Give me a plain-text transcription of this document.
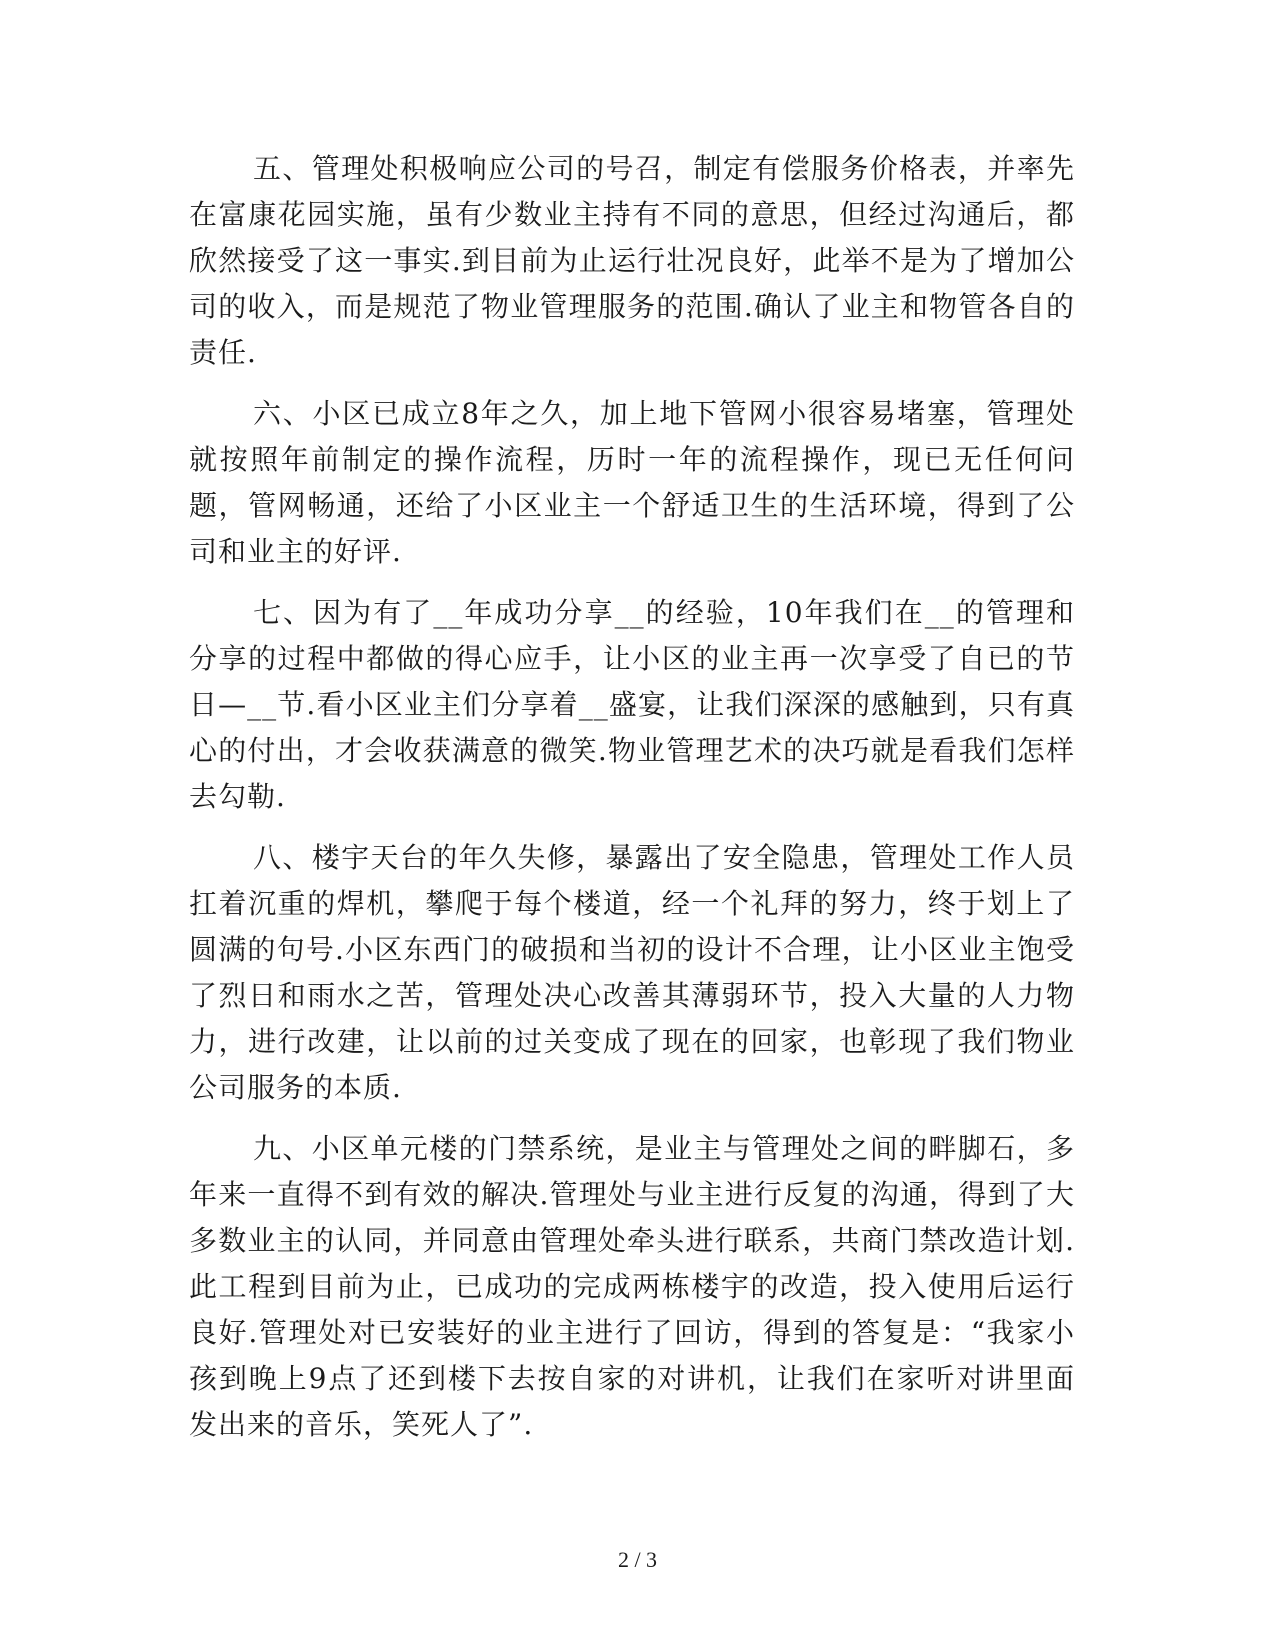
五、管理处积极响应公司的号召，制定有偿服务价格表，并率先在富康花园实施，虽有少数业主持有不同的意思，但经过沟通后，都欣然接受了这一事实.到目前为止运行壮况良好，此举不是为了增加公司的收入，而是规范了物业管理服务的范围.确认了业主和物管各自的责任.

六、小区已成立8年之久，加上地下管网小很容易堵塞，管理处就按照年前制定的操作流程，历时一年的流程操作，现已无任何问题，管网畅通，还给了小区业主一个舒适卫生的生活环境，得到了公司和业主的好评.

七、因为有了__年成功分享__的经验，10年我们在__的管理和分享的过程中都做的得心应手，让小区的业主再一次享受了自已的节日—__节.看小区业主们分享着__盛宴，让我们深深的感触到，只有真心的付出，才会收获满意的微笑.物业管理艺术的决巧就是看我们怎样去勾勒.

八、楼宇天台的年久失修，暴露出了安全隐患，管理处工作人员扛着沉重的焊机，攀爬于每个楼道，经一个礼拜的努力，终于划上了圆满的句号.小区东西门的破损和当初的设计不合理，让小区业主饱受了烈日和雨水之苦，管理处决心改善其薄弱环节，投入大量的人力物力，进行改建，让以前的过关变成了现在的回家，也彰现了我们物业公司服务的本质.

九、小区单元楼的门禁系统，是业主与管理处之间的畔脚石，多年来一直得不到有效的解决.管理处与业主进行反复的沟通，得到了大多数业主的认同，并同意由管理处牵头进行联系，共商门禁改造计划.此工程到目前为止，已成功的完成两栋楼宇的改造，投入使用后运行良好.管理处对已安装好的业主进行了回访，得到的答复是：“我家小孩到晚上9点了还到楼下去按自家的对讲机，让我们在家听对讲里面发出来的音乐，笑死人了”.

2 / 3
